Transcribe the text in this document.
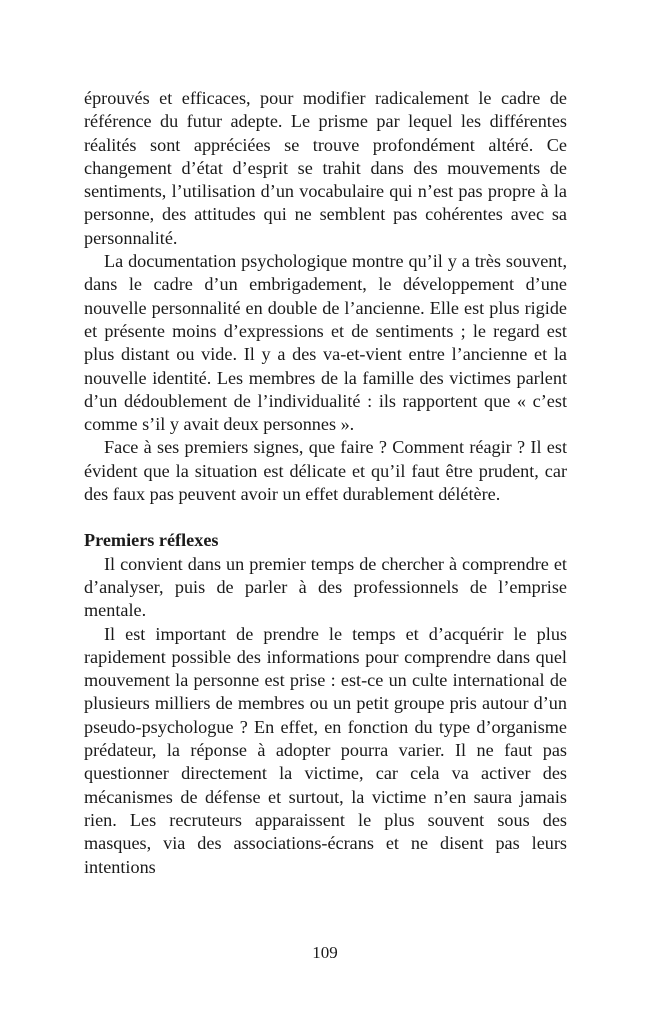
éprouvés et efficaces, pour modifier radicalement le cadre de référence du futur adepte. Le prisme par lequel les différentes réalités sont appréciées se trouve profondément altéré. Ce changement d’état d’esprit se trahit dans des mouvements de sentiments, l’utilisation d’un vocabulaire qui n’est pas propre à la personne, des attitudes qui ne semblent pas cohérentes avec sa personnalité.

La documentation psychologique montre qu’il y a très souvent, dans le cadre d’un embrigadement, le développement d’une nouvelle personnalité en double de l’ancienne. Elle est plus rigide et présente moins d’expressions et de sentiments ; le regard est plus distant ou vide. Il y a des va-et-vient entre l’ancienne et la nouvelle identité. Les membres de la famille des victimes parlent d’un dédoublement de l’individualité : ils rapportent que « c’est comme s’il y avait deux personnes ».

Face à ses premiers signes, que faire ? Comment réagir ? Il est évident que la situation est délicate et qu’il faut être prudent, car des faux pas peuvent avoir un effet durablement délétère.

Premiers réflexes

Il convient dans un premier temps de chercher à comprendre et d’analyser, puis de parler à des professionnels de l’emprise mentale.

Il est important de prendre le temps et d’acquérir le plus rapidement possible des informations pour comprendre dans quel mouvement la personne est prise : est-ce un culte international de plusieurs milliers de membres ou un petit groupe pris autour d’un pseudo-psychologue ? En effet, en fonction du type d’organisme prédateur, la réponse à adopter pourra varier. Il ne faut pas questionner directement la victime, car cela va activer des mécanismes de défense et surtout, la victime n’en saura jamais rien. Les recruteurs apparaissent le plus souvent sous des masques, via des associations-écrans et ne disent pas leurs intentions

109
